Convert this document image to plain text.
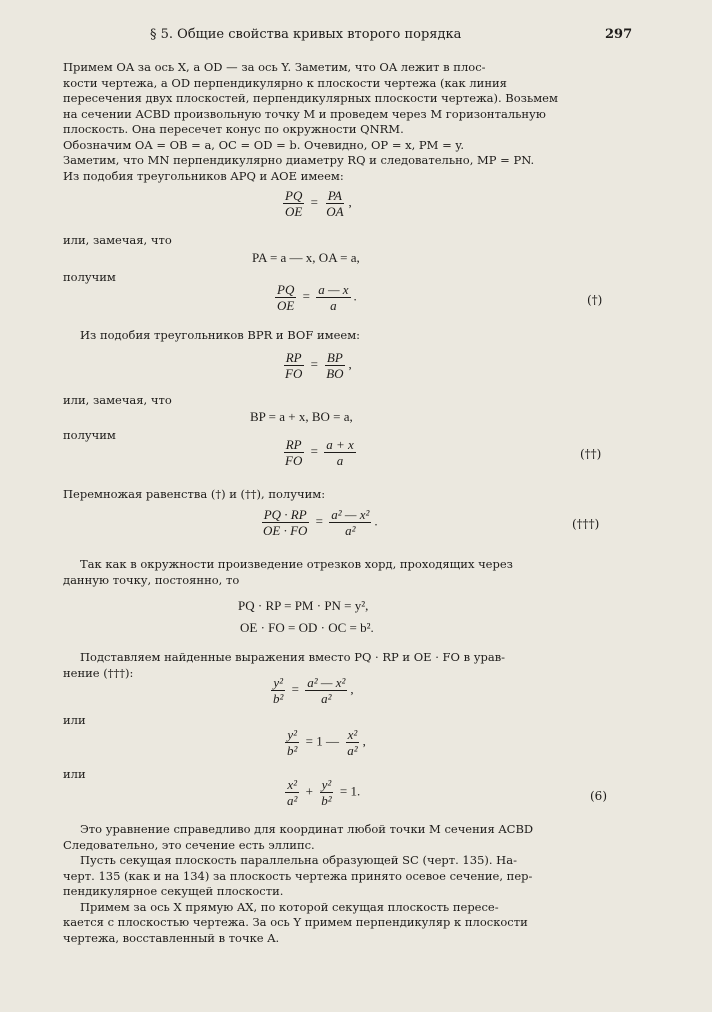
§ 5. Общие свойства кривых второго порядка	297
Примем OA за ось X, а OD — за ось Y. Заметим, что OA лежит в плос-
кости чертежа, а OD перпендикулярно к плоскости чертежа (как линия
пересечения двух плоскостей, перпендикулярных плоскости чертежа). Возьмем
на сечении ACBD произвольную точку M и проведем через M горизонтальную
плоскость. Она пересечет конус по окружности QNRM.
Обозначим OA = OB = a, OC = OD = b. Очевидно, OP = x, PM = y.
Заметим, что MN перпендикулярно диаметру RQ и следовательно, MP = PN.
Из подобия треугольников APQ и AOE имеем:
$\frac{PQ}{OE} = \frac{PA}{OA}$ ,
или, замечая, что
PA = a — x, OA = a,
получим
$\frac{PQ}{OE} = \frac{a — x}{a}$ .	(†)
Из подобия треугольников BPR и BOF имеем:
$\frac{RP}{FO} = \frac{BP}{BO}$ ,
или, замечая, что
BP = a + x, BO = a,
получим
$\frac{RP}{FO} = \frac{a + x}{a}$	(††)
Перемножая равенства (†) и (††), получим:
$\frac{PQ \cdot RP}{OE \cdot FO} = \frac{\text{a² — x²}}{\text{a²}}$ .	(†††)
Так как в окружности произведение отрезков хорд, проходящих через
данную точку, постоянно, то
PQ · RP = PM · PN = y²,
OE · FO = OD · OC = b².
Подставляем найденные выражения вместо PQ · RP и OE · FO в урав-
нение (†††):
$\frac{\text{y²}}{\text{b²}} = \frac{\text{a² — x²}}{\text{a²}}$ ,
или
$\frac{\text{y²}}{\text{b²}} = 1$ — $\frac{\text{x²}}{\text{a²}}$ ,
или
$\frac{\text{x²}}{\text{a²}} + \frac{\text{y²}}{\text{b²}} = 1$.	(6)
Это уравнение справедливо для координат любой точки M сечения ACBD
Следовательно, это сечение есть эллипс.
Пусть секущая плоскость параллельна образующей SC (черт. 135). На-
черт. 135 (как и на 134) за плоскость чертежа принято осевое сечение, пер-
пендикулярное секущей плоскости.
Примем за ось X прямую AX, по которой секущая плоскость пересе-
кается с плоскостью чертежа. За ось Y примем перпендикуляр к плоскости
чертежа, восставленный в точке A.
